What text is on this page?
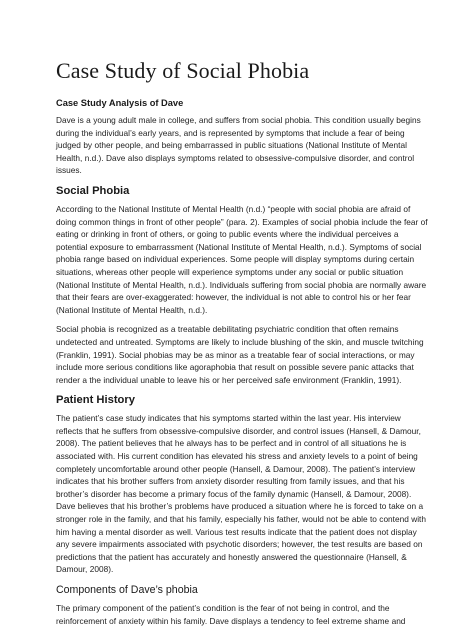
Case Study of Social Phobia
Case Study Analysis of Dave

Dave is a young adult male in college, and suffers from social phobia. This condition usually begins during the individual’s early years, and is represented by symptoms that include a fear of being judged by other people, and being embarrassed in public situations (National Institute of Mental Health, n.d.). Dave also displays symptoms related to obsessive-compulsive disorder, and control issues.

Social Phobia

According to the National Institute of Mental Health (n.d.) “people with social phobia are afraid of doing common things in front of other people” (para. 2). Examples of social phobia include the fear of eating or drinking in front of others, or going to public events where the individual perceives a potential exposure to embarrassment (National Institute of Mental Health, n.d.). Symptoms of social phobia range based on individual experiences. Some people will display symptoms during certain situations, whereas other people will experience symptoms under any social or public situation (National Institute of Mental Health, n.d.). Individuals suffering from social phobia are normally aware that their fears are over-exaggerated: however, the individual is not able to control his or her fear (National Institute of Mental Health, n.d.).

Social phobia is recognized as a treatable debilitating psychiatric condition that often remains undetected and untreated. Symptoms are likely to include blushing of the skin, and muscle twitching (Franklin, 1991). Social phobias may be as minor as a treatable fear of social interactions, or may include more serious conditions like agoraphobia that result on possible severe panic attacks that render a the individual unable to leave his or her perceived safe environment (Franklin, 1991).

Patient History

The patient’s case study indicates that his symptoms started within the last year. His interview reflects that he suffers from obsessive-compulsive disorder, and control issues (Hansell, & Damour, 2008). The patient believes that he always has to be perfect and in control of all situations he is associated with. His current condition has elevated his stress and anxiety levels to a point of being completely uncomfortable around other people (Hansell, & Damour, 2008). The patient’s interview indicates that his brother suffers from anxiety disorder resulting from family issues, and that his brother’s disorder has become a primary focus of the family dynamic (Hansell, & Damour, 2008). Dave believes that his brother’s problems have produced a situation where he is forced to take on a stronger role in the family, and that his family, especially his father, would not be able to contend with him having a mental disorder as well. Various test results indicate that the patient does not display any severe impairments associated with psychotic disorders; however, the test results are based on predictions that the patient has accurately and honestly answered the questionnaire (Hansell, & Damour, 2008).

Components of Dave’s phobia

The primary component of the patient’s condition is the fear of not being in control, and the reinforcement of anxiety within his family. Dave displays a tendency to feel extreme shame and
